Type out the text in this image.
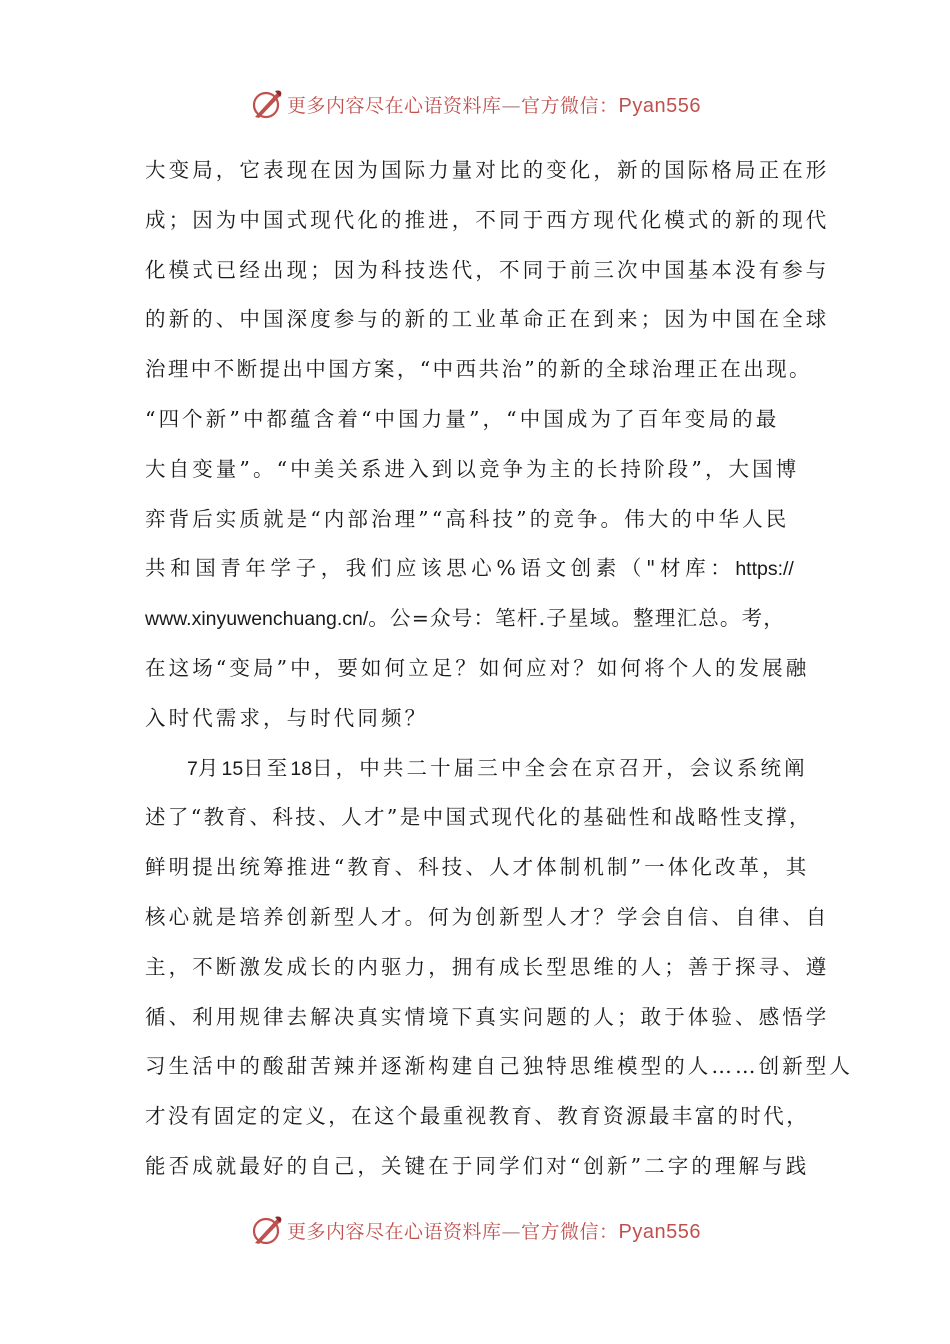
更多内容尽在心语资料库—官方微信：Pyan556
大变局，它表现在因为国际力量对比的变化，新的国际格局正在形
成；因为中国式现代化的推进，不同于西方现代化模式的新的现代
化模式已经出现；因为科技迭代，不同于前三次中国基本没有参与
的新的、中国深度参与的新的工业革命正在到来；因为中国在全球
治理中不断提出中国方案，“中西共治”的新的全球治理正在出现。
“四个新”中都蕴含着“中国力量”，“中国成为了百年变局的最
大自变量”。“中美关系进入到以竞争为主的长持阶段”，大国博
弈背后实质就是“内部治理”“高科技”的竞争。伟大的中华人民
共和国青年学子，我们应该思心%语文创素（"材库：https://
www.xinyuwenchuang.cn/。公=众号：笔杆.子星域。整理汇总。考，
在这场“变局”中，要如何立足？如何应对？如何将个人的发展融
入时代需求，与时代同频？
7月15日至18日，中共二十届三中全会在京召开，会议系统阐
述了“教育、科技、人才”是中国式现代化的基础性和战略性支撑，
鲜明提出统筹推进“教育、科技、人才体制机制”一体化改革，其
核心就是培养创新型人才。何为创新型人才？学会自信、自律、自
主，不断激发成长的内驱力，拥有成长型思维的人；善于探寻、遵
循、利用规律去解决真实情境下真实问题的人；敢于体验、感悟学
习生活中的酸甜苦辣并逐渐构建自己独特思维模型的人……创新型人
才没有固定的定义，在这个最重视教育、教育资源最丰富的时代，
能否成就最好的自己，关键在于同学们对“创新”二字的理解与践
更多内容尽在心语资料库—官方微信：Pyan556
